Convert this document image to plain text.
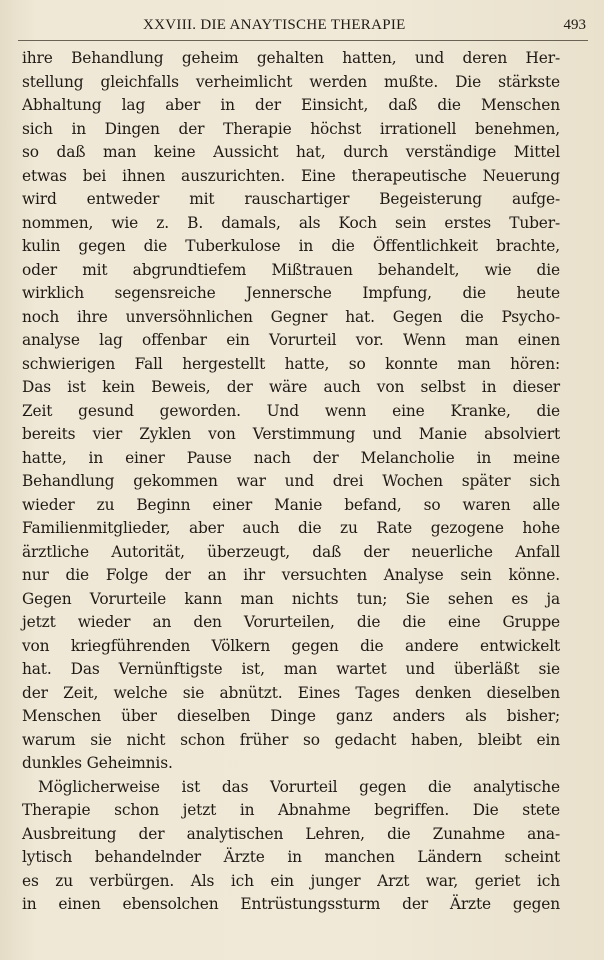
XXVIII. DIE ANAYTISCHE THERAPIE	493
ihre Behandlung geheim gehalten hatten, und deren Her-
stellung gleichfalls verheimlicht werden mußte. Die stärkste
Abhaltung lag aber in der Einsicht, daß die Menschen
sich in Dingen der Therapie höchst irrationell benehmen,
so daß man keine Aussicht hat, durch verständige Mittel
etwas bei ihnen auszurichten. Eine therapeutische Neuerung
wird entweder mit rauschartiger Begeisterung aufge-
nommen, wie z. B. damals, als Koch sein erstes Tuber-
kulin gegen die Tuberkulose in die Öffentlichkeit brachte,
oder mit abgrundtiefem Mißtrauen behandelt, wie die
wirklich segensreiche Jennersche Impfung, die heute
noch ihre unversöhnlichen Gegner hat. Gegen die Psycho-
analyse lag offenbar ein Vorurteil vor. Wenn man einen
schwierigen Fall hergestellt hatte, so konnte man hören:
Das ist kein Beweis, der wäre auch von selbst in dieser
Zeit gesund geworden. Und wenn eine Kranke, die
bereits vier Zyklen von Verstimmung und Manie absolviert
hatte, in einer Pause nach der Melancholie in meine
Behandlung gekommen war und drei Wochen später sich
wieder zu Beginn einer Manie befand, so waren alle
Familienmitglieder, aber auch die zu Rate gezogene hohe
ärztliche Autorität, überzeugt, daß der neuerliche Anfall
nur die Folge der an ihr versuchten Analyse sein könne.
Gegen Vorurteile kann man nichts tun; Sie sehen es ja
jetzt wieder an den Vorurteilen, die die eine Gruppe
von kriegführenden Völkern gegen die andere entwickelt
hat. Das Vernünftigste ist, man wartet und überläßt sie
der Zeit, welche sie abnützt. Eines Tages denken dieselben
Menschen über dieselben Dinge ganz anders als bisher;
warum sie nicht schon früher so gedacht haben, bleibt ein
dunkles Geheimnis.
Möglicherweise ist das Vorurteil gegen die analytische
Therapie schon jetzt in Abnahme begriffen. Die stete
Ausbreitung der analytischen Lehren, die Zunahme ana-
lytisch behandelnder Ärzte in manchen Ländern scheint
es zu verbürgen. Als ich ein junger Arzt war, geriet ich
in einen ebensolchen Entrüstungssturm der Ärzte gegen
